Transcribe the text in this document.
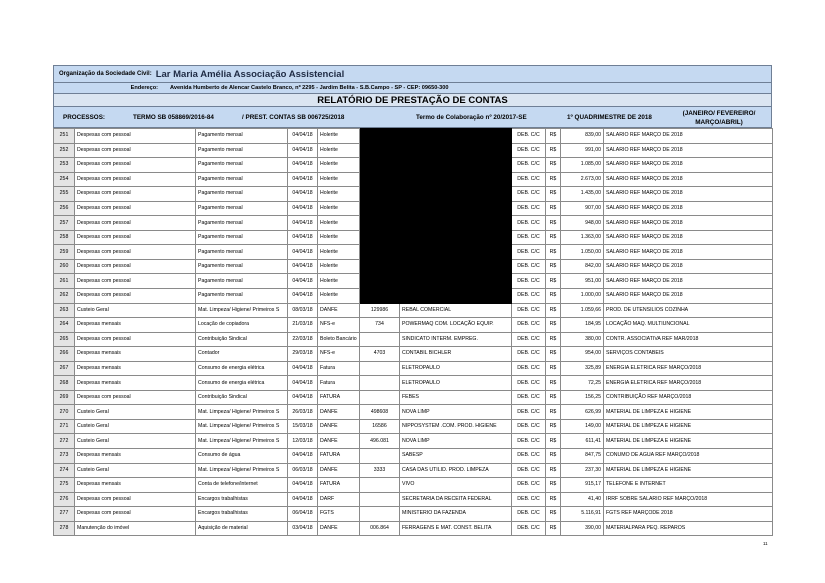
Organização da Sociedade Civil: Lar Maria Amélia Associação Assistencial
Endereço:	Avenida Humberto de Alencar Castelo Branco, nº 2295 - Jardim Belita - S.B.Campo - SP - CEP: 09650-300
RELATÓRIO DE PRESTAÇÃO DE CONTAS
PROCESSOS:	TERMO SB 058869/2016-84	/ PREST. CONTAS SB 006725/2018	Termo de Colaboração nº 20/2017-SE	1º QUADRIMESTRE DE 2018
(JANEIRO/ FEVEREIRO/ MARÇO/ABRIL)
251	Despesas com pessoal	Pagamento mensal	04/04/18	Holerite			DEB. C/C	R$	839,00	SALARIO REF MARÇO DE 2018
252	Despesas com pessoal	Pagamento mensal	04/04/18	Holerite			DEB. C/C	R$	991,00	SALARIO REF MARÇO DE 2018
253	Despesas com pessoal	Pagamento mensal	04/04/18	Holerite			DEB. C/C	R$	1.085,00	SALARIO REF MARÇO DE 2018
254	Despesas com pessoal	Pagamento mensal	04/04/18	Holerite			DEB. C/C	R$	2.673,00	SALARIO REF MARÇO DE 2018
255	Despesas com pessoal	Pagamento mensal	04/04/18	Holerite			DEB. C/C	R$	1.435,00	SALARIO REF MARÇO DE 2018
256	Despesas com pessoal	Pagamento mensal	04/04/18	Holerite			DEB. C/C	R$	907,00	SALARIO REF MARÇO DE 2018
257	Despesas com pessoal	Pagamento mensal	04/04/18	Holerite			DEB. C/C	R$	948,00	SALARIO REF MARÇO DE 2018
258	Despesas com pessoal	Pagamento mensal	04/04/18	Holerite			DEB. C/C	R$	1.363,00	SALARIO REF MARÇO DE 2018
259	Despesas com pessoal	Pagamento mensal	04/04/18	Holerite			DEB. C/C	R$	1.050,00	SALARIO REF MARÇO DE 2018
260	Despesas com pessoal	Pagamento mensal	04/04/18	Holerite			DEB. C/C	R$	842,00	SALARIO REF MARÇO DE 2018
261	Despesas com pessoal	Pagamento mensal	04/04/18	Holerite			DEB. C/C	R$	951,00	SALARIO REF MARÇO DE 2018
262	Despesas com pessoal	Pagamento mensal	04/04/18	Holerite			DEB. C/C	R$	1.000,00	SALARIO REF MARÇO DE 2018
263	Custeio Geral	Mat. Limpeza/ Higiene/ Primeiros S	08/03/18	DANFE	129986	REBAL COMERCIAL	DEB. C/C	R$	1.059,66	PROD. DE UTENSILIOS COZINHA
264	Despesas mensais	Locação de copiadora	21/03/18	NFS-e	734	POWERMAQ COM. LOCAÇÃO EQUIP.	DEB. C/C	R$	184,95	LOCAÇÃO MAQ. MULTIUNCIONAL
265	Despesas com pessoal	Contribuição Sindical	22/03/18	Boleto Bancário		SINDICATO INTERM. EMPREG.	DEB. C/C	R$	380,00	CONTR. ASSOCIATIVA REF MAR/2018
266	Despesas mensais	Contador	29/03/18	NFS-e	4703	CONTABIL BICHLER	DEB. C/C	R$	954,00	SERVIÇOS CONTABEIS
267	Despesas mensais	Consumo de energia elétrica	04/04/18	Fatura		ELETROPAULO	DEB. C/C	R$	325,89	ENERGIA ELETRICA REF MARÇO/2018
268	Despesas mensais	Consumo de energia elétrica	04/04/18	Fatura		ELETROPAULO	DEB. C/C	R$	72,25	ENERGIA ELETRICA REF MARÇO/2018
269	Despesas com pessoal	Contribuição Sindical	04/04/18	FATURA		FEBES	DEB. C/C	R$	156,25	CONTRIBUIÇÃO REF MARÇO/2018
270	Custeio Geral	Mat. Limpeza/ Higiene/ Primeiros S	26/03/18	DANFE	498608	NOVA LIMP	DEB. C/C	R$	626,99	MATERIAL DE LIMPEZA E HIGIENE
271	Custeio Geral	Mat. Limpeza/ Higiene/ Primeiros S	15/03/18	DANFE	16586	NIPPOSYSTEM .COM. PROD. HIGIENE	DEB. C/C	R$	149,00	MATERIAL DE LIMPEZA E HIGIENE
272	Custeio Geral	Mat. Limpeza/ Higiene/ Primeiros S	12/03/18	DANFE	496.081	NOVA LIMP	DEB. C/C	R$	611,41	MATERIAL DE LIMPEZA E HIGIENE
273	Despesas mensais	Consumo de água	04/04/18	FATURA		SABESP	DEB. C/C	R$	847,75	CONUMO DE AGUA REF MARÇO/2018
274	Custeio Geral	Mat. Limpeza/ Higiene/ Primeiros S	06/03/18	DANFE	3333	CASA DAS UTILID. PROD. LIMPEZA	DEB. C/C	R$	237,30	MATERIAL DE LIMPEZA E HIGIENE
275	Despesas mensais	Conta de telefone/internet	04/04/18	FATURA		VIVO	DEB. C/C	R$	915,17	TELEFONE E INTERNET
276	Despesas com pessoal	Encargos trabalhistas	04/04/18	DARF		SECRETARIA DA RECEITA FEDERAL	DEB. C/C	R$	41,40	IRRF SOBRE SALARIO REF MARÇO/2018
277	Despesas com pessoal	Encargos trabalhistas	06/04/18	FGTS		MINISTERIO DA FAZENDA	DEB. C/C	R$	5.116,91	FGTS REF MARÇODE 2018
278	Manutenção do imóvel	Aquisição de material	03/04/18	DANFE	006.864	FERRAGENS E MAT. CONST. BELITA	DEB. C/C	R$	390,00	MATERIALPARA PEQ. REPAROS
11
